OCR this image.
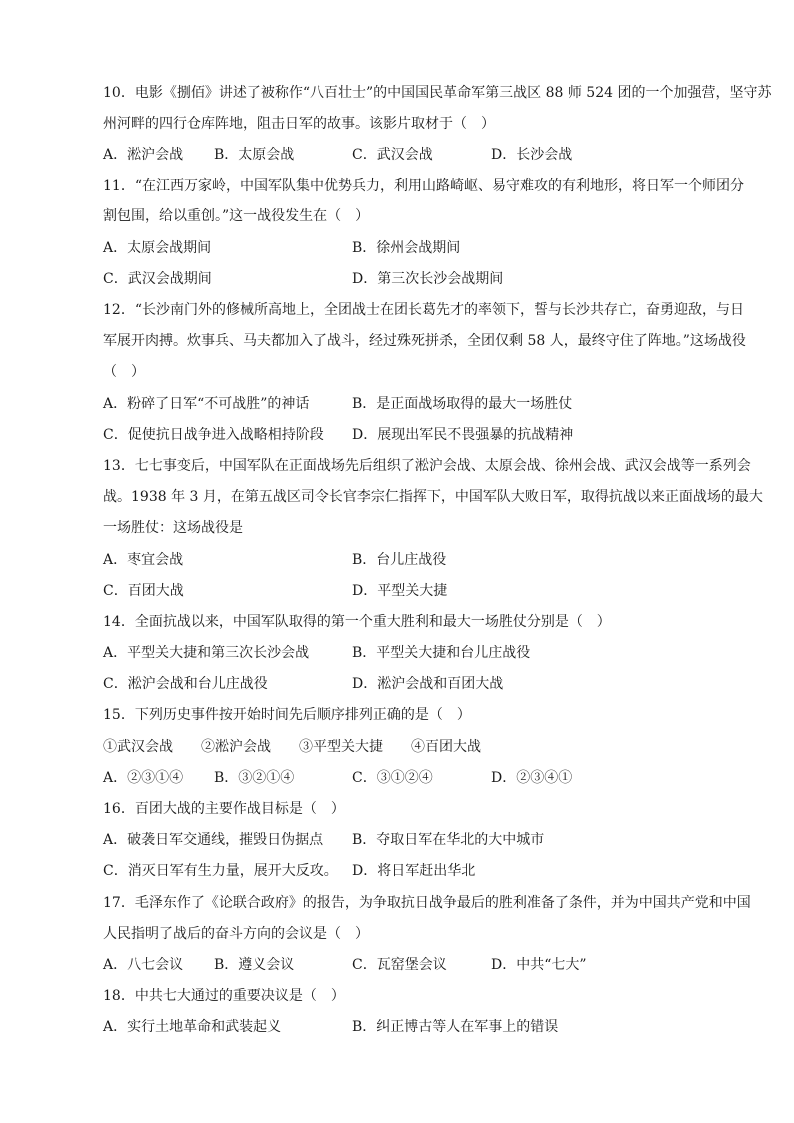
10．电影《捌佰》讲述了被称作“八百壮士”的中国国民革命军第三战区 88 师 524 团的一个加强营，坚守苏
州河畔的四行仓库阵地，阻击日军的故事。该影片取材于（　）
A．淞沪会战 B．太原会战	C．武汉会战	D．长沙会战
11．“在江西万家岭，中国军队集中优势兵力，利用山路崎岖、易守难攻的有利地形，将日军一个师团分
割包围，给以重创。”这一战役发生在（　）
A．太原会战期间	B．徐州会战期间
C．武汉会战期间	D．第三次长沙会战期间
12．“长沙南门外的修械所高地上，全团战士在团长葛先才的率领下，誓与长沙共存亡，奋勇迎敌，与日
军展开肉搏。炊事兵、马夫都加入了战斗，经过殊死拼杀，全团仅剩 58 人，最终守住了阵地。”这场战役
（　）
A．粉碎了日军“不可战胜”的神话	B．是正面战场取得的最大一场胜仗
C．促使抗日战争进入战略相持阶段 D．展现出军民不畏强暴的抗战精神
13．七七事变后，中国军队在正面战场先后组织了淞沪会战、太原会战、徐州会战、武汉会战等一系列会
战。1938 年 3 月，在第五战区司令长官李宗仁指挥下，中国军队大败日军，取得抗战以来正面战场的最大
一场胜仗：这场战役是
A．枣宜会战	B．台儿庄战役
C．百团大战	D．平型关大捷
14．全面抗战以来，中国军队取得的第一个重大胜利和最大一场胜仗分别是（　）
A．平型关大捷和第三次长沙会战	B．平型关大捷和台儿庄战役
C．淞沪会战和台儿庄战役	D．淞沪会战和百团大战
15．下列历史事件按开始时间先后顺序排列正确的是（　）
①武汉会战　　②淞沪会战　　③平型关大捷　　④百团大战
A．②③①④ B．③②①④	C．③①②④	D．②③④①
16．百团大战的主要作战目标是（　）
A．破袭日军交通线，摧毁日伪据点 B．夺取日军在华北的大中城市
C．消灭日军有生力量，展开大反攻。 D．将日军赶出华北
17．毛泽东作了《论联合政府》的报告，为争取抗日战争最后的胜利准备了条件，并为中国共产党和中国
人民指明了战后的奋斗方向的会议是（　）
A．八七会议 B．遵义会议	C．瓦窑堡会议	D．中共“七大”
18．中共七大通过的重要决议是（　）
A．实行土地革命和武装起义	B．纠正博古等人在军事上的错误
